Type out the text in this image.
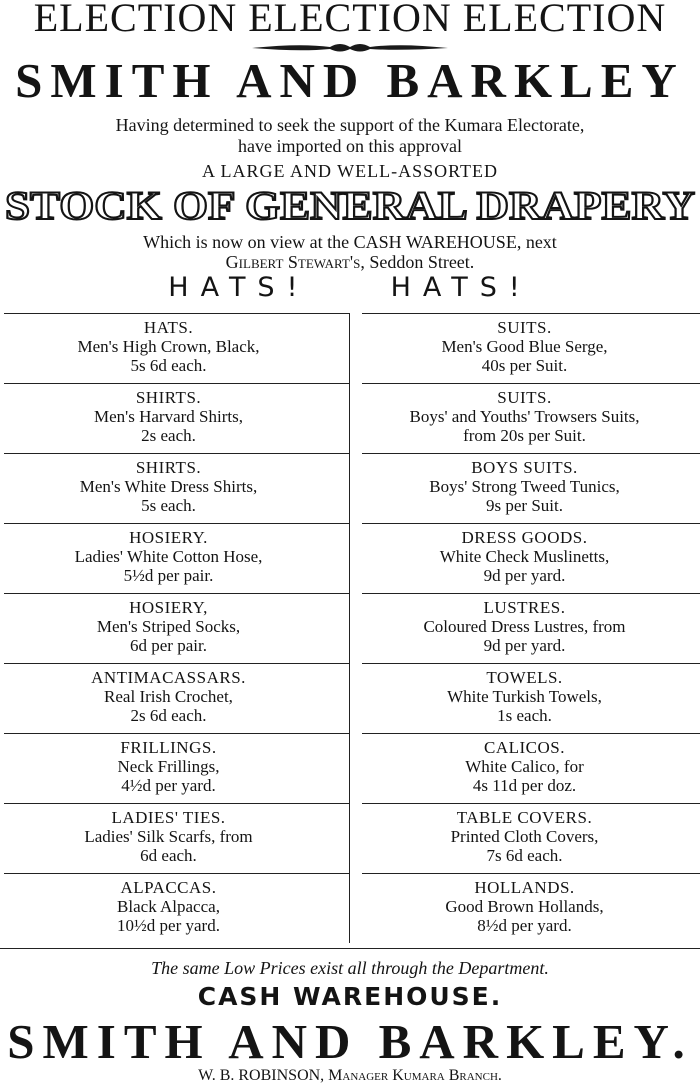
ELECTION ELECTION ELECTION
SMITH AND BARKLEY
Having determined to seek the support of the Kumara Electorate,
have imported on this approval
A LARGE AND WELL-ASSORTED
STOCK OF GENERAL DRAPERY
Which is now on view at the CASH WAREHOUSE, next
Gilbert Stewart's, Seddon Street.
HATS!	HATS!
HATS.
Men's High Crown, Black,
5s 6d each.
SHIRTS.
Men's Harvard Shirts,
2s each.
SHIRTS.
Men's White Dress Shirts,
5s each.
HOSIERY.
Ladies' White Cotton Hose,
5½d per pair.
HOSIERY,
Men's Striped Socks,
6d per pair.
ANTIMACASSARS.
Real Irish Crochet,
2s 6d each.
FRILLINGS.
Neck Frillings,
4½d per yard.
LADIES' TIES.
Ladies' Silk Scarfs, from
6d each.
ALPACCAS.
Black Alpacca,
10½d per yard.
SUITS.
Men's Good Blue Serge,
40s per Suit.
SUITS.
Boys' and Youths' Trowsers Suits,
from 20s per Suit.
BOYS SUITS.
Boys' Strong Tweed Tunics,
9s per Suit.
DRESS GOODS.
White Check Muslinetts,
9d per yard.
LUSTRES.
Coloured Dress Lustres, from
9d per yard.
TOWELS.
White Turkish Towels,
1s each.
CALICOS.
White Calico, for
4s 11d per doz.
TABLE COVERS.
Printed Cloth Covers,
7s 6d each.
HOLLANDS.
Good Brown Hollands,
8½d per yard.
The same Low Prices exist all through the Department.
CASH WAREHOUSE.
SMITH AND BARKLEY.
W. B. ROBINSON, Manager Kumara Branch.
